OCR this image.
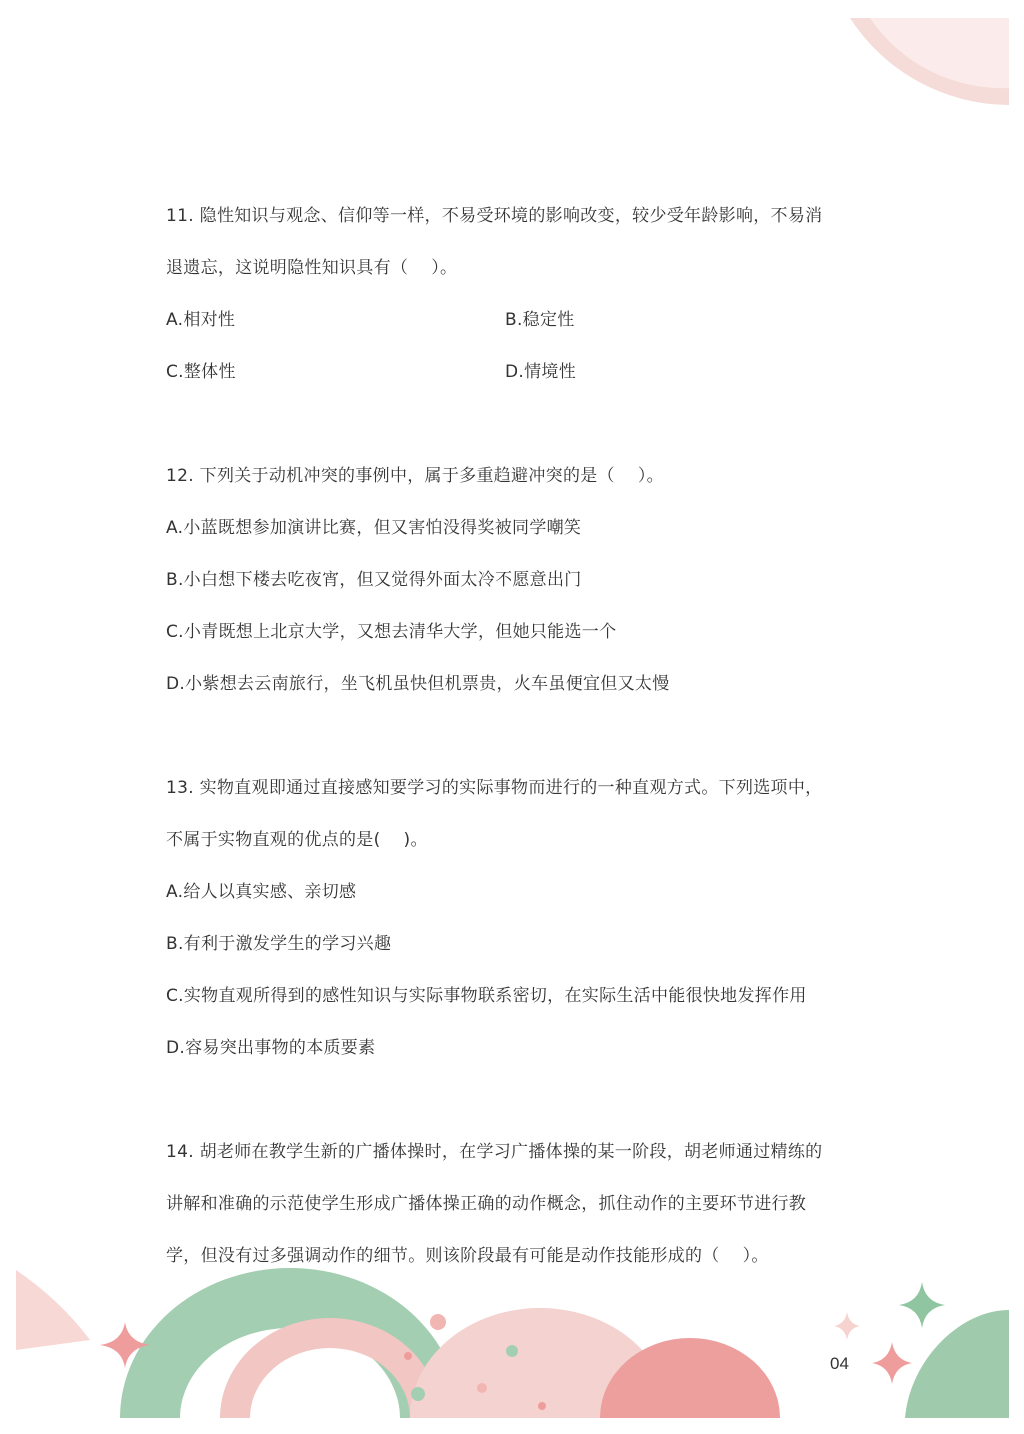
11. 隐性知识与观念、信仰等一样，不易受环境的影响改变，较少受年龄影响，不易消
退遗忘，这说明隐性知识具有（　 ）。
A.相对性	B.稳定性
C.整体性	D.情境性
12. 下列关于动机冲突的事例中，属于多重趋避冲突的是（　 ）。
A.小蓝既想参加演讲比赛，但又害怕没得奖被同学嘲笑
B.小白想下楼去吃夜宵，但又觉得外面太冷不愿意出门
C.小青既想上北京大学，又想去清华大学，但她只能选一个
D.小紫想去云南旅行，坐飞机虽快但机票贵，火车虽便宜但又太慢
13. 实物直观即通过直接感知要学习的实际事物而进行的一种直观方式。下列选项中，
不属于实物直观的优点的是(　 )。
A.给人以真实感、亲切感
B.有利于激发学生的学习兴趣
C.实物直观所得到的感性知识与实际事物联系密切，在实际生活中能很快地发挥作用
D.容易突出事物的本质要素
14. 胡老师在教学生新的广播体操时，在学习广播体操的某一阶段，胡老师通过精练的
讲解和准确的示范使学生形成广播体操正确的动作概念，抓住动作的主要环节进行教
学，但没有过多强调动作的细节。则该阶段最有可能是动作技能形成的（　 ）。
04
